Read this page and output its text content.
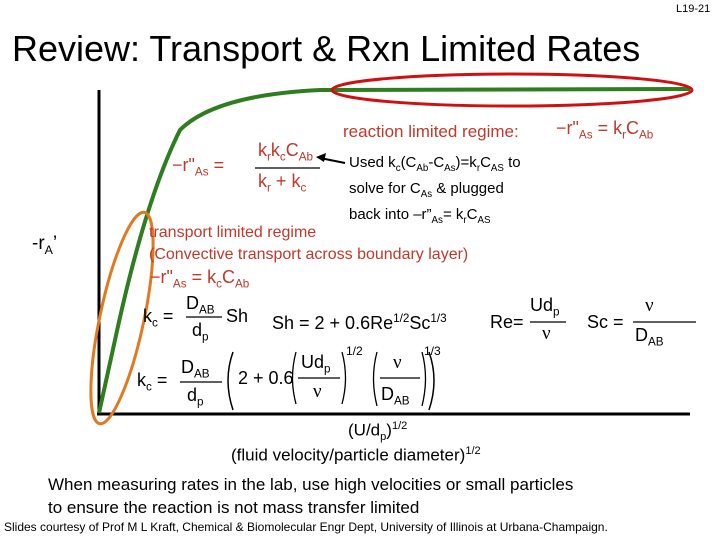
L19-21
Review: Transport & Rxn Limited Rates
$-r_A$’
reaction limited regime: $-r"_{As} = k_rC_{Ab}$
$-r"_{As}$ =
$k_rk_cC_{Ab}$
$k_r + k_c$
Used $k_c(C_{Ab}-C_{As})=k_rC_{AS}$ to
solve for $C_{As}$ & plugged
back into $-r”_{As}= k_rC_{AS}$
transport limited regime
(Convective transport across boundary layer)
$-r"_{As} = k_cC_{Ab}$
$k_c$ =
$D_{AB}$
$d_p$
Sh $Sh = 2 + 0.6Re^{1/2}Sc^{1/3}$ Re=
$Ud_p$
ν
Sc =
ν
$D_{AB}$
$k_c$ =
$D_{AB}$
$d_p$
2 + 0.6
$Ud_p$
ν
1/2
ν
$D_{AB}$
1/3
$(U/d_p)^{1/2}$
(fluid velocity/particle diameter)$^{1/2}$
When measuring rates in the lab, use high velocities or small particles
to ensure the reaction is not mass transfer limited
Slides courtesy of Prof M L Kraft, Chemical & Biomolecular Engr Dept, University of Illinois at Urbana-Champaign.
